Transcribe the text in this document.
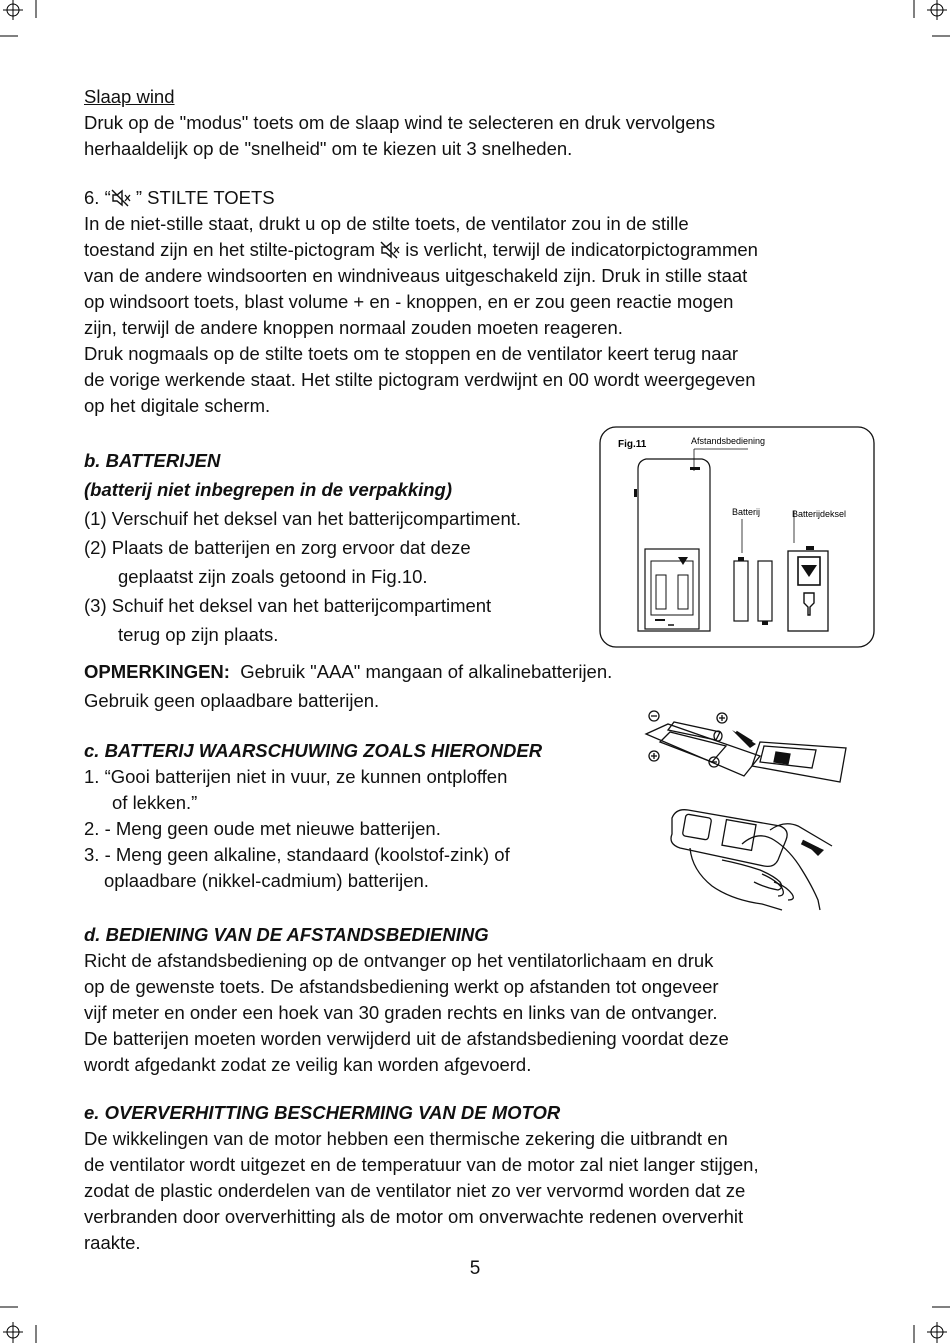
Slaap wind
Druk op de "modus" toets om de slaap wind te selecteren en druk vervolgens
herhaaldelijk op de "snelheid" om te kiezen uit 3 snelheden.
6. “ ” STILTE TOETS
In de niet-stille staat, drukt u op de stilte toets, de ventilator zou in de stille
toestand zijn en het stilte-pictogram  is verlicht, terwijl de indicatorpictogrammen
van de andere windsoorten en windniveaus uitgeschakeld zijn. Druk in stille staat
op windsoort toets, blast volume + en - knoppen, en er zou geen reactie mogen
zijn, terwijl de andere knoppen normaal zouden moeten reageren.
Druk nogmaals op de stilte toets om te stoppen en de ventilator keert terug naar
de vorige werkende staat. Het stilte pictogram verdwijnt en 00 wordt weergegeven
op het digitale scherm.
b. BATTERIJEN
(batterij niet inbegrepen in de verpakking)
(1) Verschuif het deksel van het batterijcompartiment.
(2) Plaats de batterijen en zorg ervoor dat deze
geplaatst zijn zoals getoond in Fig.10.
(3) Schuif het deksel van het batterijcompartiment
terug op zijn plaats.
Fig.11	Afstandsbediening
Batterij	Batterijdeksel
OPMERKINGEN:  Gebruik "AAA" mangaan of alkalinebatterijen.
Gebruik geen oplaadbare batterijen.
c. BATTERIJ WAARSCHUWING ZOALS HIERONDER
1. “Gooi batterijen niet in vuur, ze kunnen ontploffen
of lekken.”
2. - Meng geen oude met nieuwe batterijen.
3. - Meng geen alkaline, standaard (koolstof-zink) of
oplaadbare (nikkel-cadmium) batterijen.
d. BEDIENING VAN DE AFSTANDSBEDIENING
Richt de afstandsbediening op de ontvanger op het ventilatorlichaam en druk
op de gewenste toets. De afstandsbediening werkt op afstanden tot ongeveer
vijf meter en onder een hoek van 30 graden rechts en links van de ontvanger.
De batterijen moeten worden verwijderd uit de afstandsbediening voordat deze
wordt afgedankt zodat ze veilig kan worden afgevoerd.
e. OVERVERHITTING BESCHERMING VAN DE MOTOR
De wikkelingen van de motor hebben een thermische zekering die uitbrandt en
de ventilator wordt uitgezet en de temperatuur van de motor zal niet langer stijgen,
zodat de plastic onderdelen van de ventilator niet zo ver vervormd worden dat ze
verbranden door oververhitting als de motor om onverwachte redenen oververhit
raakte.
5
